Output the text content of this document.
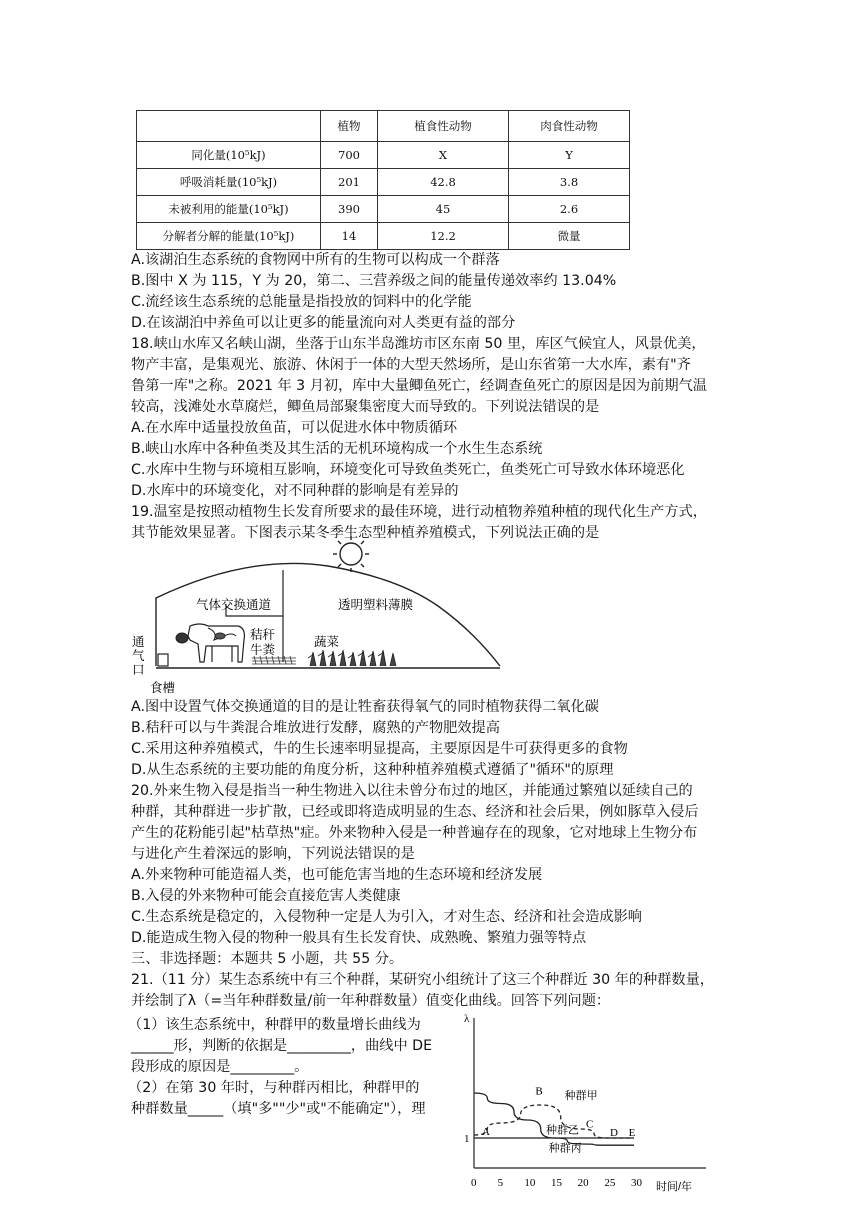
	植物	植食性动物	肉食性动物
同化量(10⁵kJ)	700	X	Y
呼吸消耗量(10⁵kJ)	201	42.8	3.8
未被利用的能量(10⁵kJ)	390	45	2.6
分解者分解的能量(10⁵kJ)	14	12.2	微量
A.该湖泊生态系统的食物网中所有的生物可以构成一个群落
B.图中 X 为 115，Y 为 20，第二、三营养级之间的能量传递效率约 13.04%
C.流经该生态系统的总能量是指投放的饲料中的化学能
D.在该湖泊中养鱼可以让更多的能量流向对人类更有益的部分
18.峡山水库又名峡山湖，坐落于山东半岛潍坊市区东南 50 里，库区气候宜人，风景优美，
物产丰富，是集观光、旅游、休闲于一体的大型天然场所，是山东省第一大水库，素有"齐
鲁第一库"之称。2021 年 3 月初，库中大量鲫鱼死亡，经调查鱼死亡的原因是因为前期气温
较高，浅滩处水草腐烂，鲫鱼局部聚集密度大而导致的。下列说法错误的是
A.在水库中适量投放鱼苗，可以促进水体中物质循环
B.峡山水库中各种鱼类及其生活的无机环境构成一个水生生态系统
C.水库中生物与环境相互影响，环境变化可导致鱼类死亡，鱼类死亡可导致水体环境恶化
D.水库中的环境变化，对不同种群的影响是有差异的
19.温室是按照动植物生长发育所要求的最佳环境，进行动植物养殖种植的现代化生产方式，
其节能效果显著。下图表示某冬季生态型种植养殖模式，下列说法正确的是
气体交换通道	透明塑料薄膜
秸秆
牛粪
蔬菜
通
气
口
食槽
A.图中设置气体交换通道的目的是让牲畜获得氧气的同时植物获得二氧化碳
B.秸秆可以与牛粪混合堆放进行发酵，腐熟的产物肥效提高
C.采用这种养殖模式，牛的生长速率明显提高，主要原因是牛可获得更多的食物
D.从生态系统的主要功能的角度分析，这种种植养殖模式遵循了"循环"的原理
20.外来生物入侵是指当一种生物进入以往未曾分布过的地区，并能通过繁殖以延续自己的
种群，其种群进一步扩散，已经或即将造成明显的生态、经济和社会后果，例如豚草入侵后
产生的花粉能引起"枯草热"症。外来物种入侵是一种普遍存在的现象，它对地球上生物分布
与进化产生着深远的影响，下列说法错误的是
A.外来物种可能造福人类，也可能危害当地的生态环境和经济发展
B.入侵的外来物种可能会直接危害人类健康
C.生态系统是稳定的，入侵物种一定是人为引入，才对生态、经济和社会造成影响
D.能造成生物入侵的物种一般具有生长发育快、成熟晚、繁殖力强等特点
三、非选择题：本题共 5 小题，共 55 分。
21.（11 分）某生态系统中有三个种群，某研究小组统计了这三个种群近 30 年的种群数量，
并绘制了λ（=当年种群数量/前一年种群数量）值变化曲线。回答下列问题：
（1）该生态系统中，种群甲的数量增长曲线为
______形，判断的依据是_________，曲线中 DE
段形成的原因是_________。
（2）在第 30 年时，与种群丙相比，种群甲的
种群数量_____（填"多""少"或"不能确定"），理
λ
时间/年
0 5 10 15 20 25 30
1
种群甲
种群乙
种群丙
A
B
C
D E
